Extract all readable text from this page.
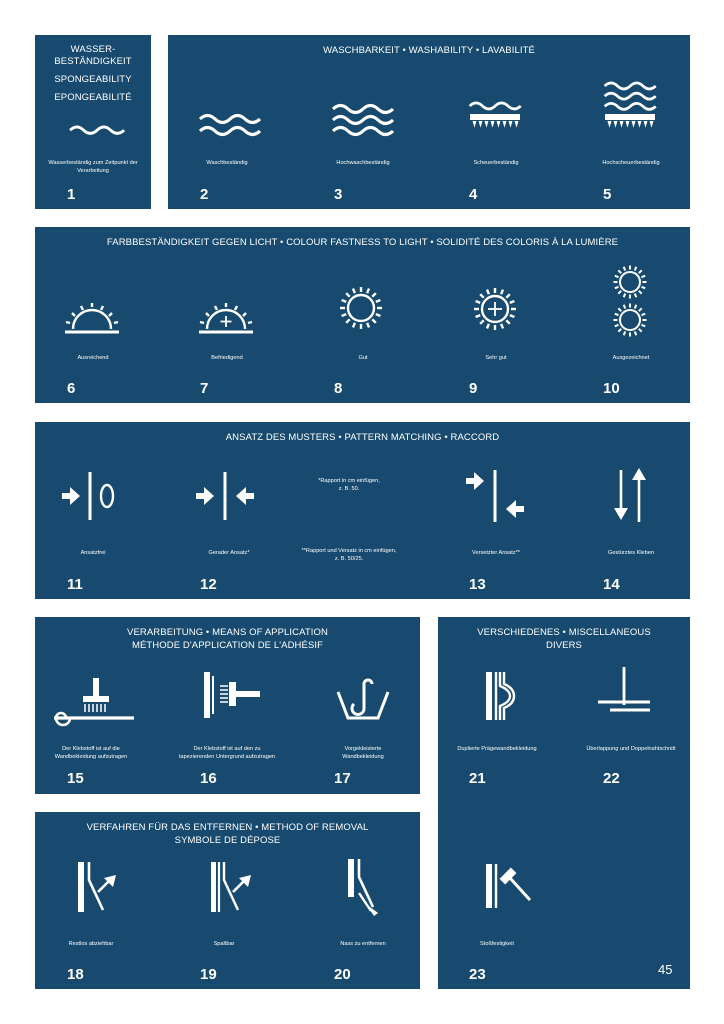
WASSER-
BESTÄNDIGKEIT
SPONGEABILITY
EPONGEABILITÉ
Wasserbeständig zum Zeitpunkt der Verarbeitung
WASCHBARKEIT • WASHABILITY • LAVABILITÉ
Waschbeständig	Hochwaschbeständig	Scheuerbeständig	Hochscheuerbeständig
1	2	3	4	5
FARBBESTÄNDIGKEIT GEGEN LICHT • COLOUR FASTNESS TO LIGHT • SOLIDITÉ DES COLORIS À LA LUMIÈRE
Ausreichend	Befriedigend	Gut	Sehr gut	Ausgezeichnet
6	7	8	9	10
ANSATZ DES MUSTERS • PATTERN MATCHING • RACCORD
*Rapport in cm einfügen,
z. B. 50.
**Rapport und Versatz in cm einfügen,
z. B. 50/25.
Ansatzfrei	Gerader Ansatz*	Versetzter Ansatz**	Gestürztes Kleben
11	12	13	14
VERARBEITUNG • MEANS OF APPLICATION
MÉTHODE D'APPLICATION DE L'ADHÉSIF
Der Klebstoff ist auf die
Wandbekleidung aufzutragen
Der Klebstoff ist auf den zu
tapezierenden Untergrund aufzutragen
Vorgekleisterte
Wandbekleidung
15	16	17
VERFAHREN FÜR DAS ENTFERNEN • METHOD OF REMOVAL
SYMBOLE DE DÉPOSE
Restlos abziehbar	Spaltbar	Nass zu entfernen
18	19	20
VERSCHIEDENES • MISCELLANEOUS
DIVERS
Duplierte Prägewandbekleidung	Überlappung und Doppelnahtschnitt
Stoßfestigkeit
21	22
23	45
